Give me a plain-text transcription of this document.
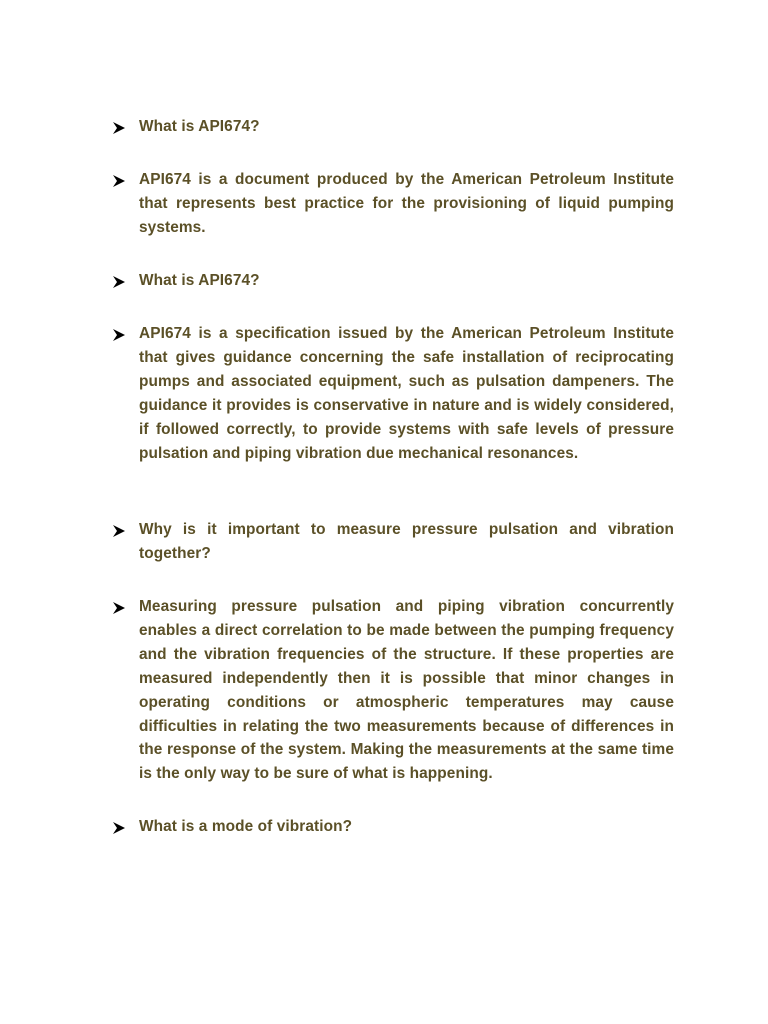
What is API674?
API674 is a document produced by the American Petroleum Institute that represents best practice for the provisioning of liquid pumping systems.
What is API674?
API674 is a specification issued by the American Petroleum Institute that gives guidance concerning the safe installation of reciprocating pumps and associated equipment, such as pulsation dampeners. The guidance it provides is conservative in nature and is widely considered, if followed correctly, to provide systems with safe levels of pressure pulsation and piping vibration due mechanical resonances.
Why is it important to measure pressure pulsation and vibration together?
Measuring pressure pulsation and piping vibration concurrently enables a direct correlation to be made between the pumping frequency and the vibration frequencies of the structure. If these properties are measured independently then it is possible that minor changes in operating conditions or atmospheric temperatures may cause difficulties in relating the two measurements because of differences in the response of the system. Making the measurements at the same time is the only way to be sure of what is happening.
What is a mode of vibration?
